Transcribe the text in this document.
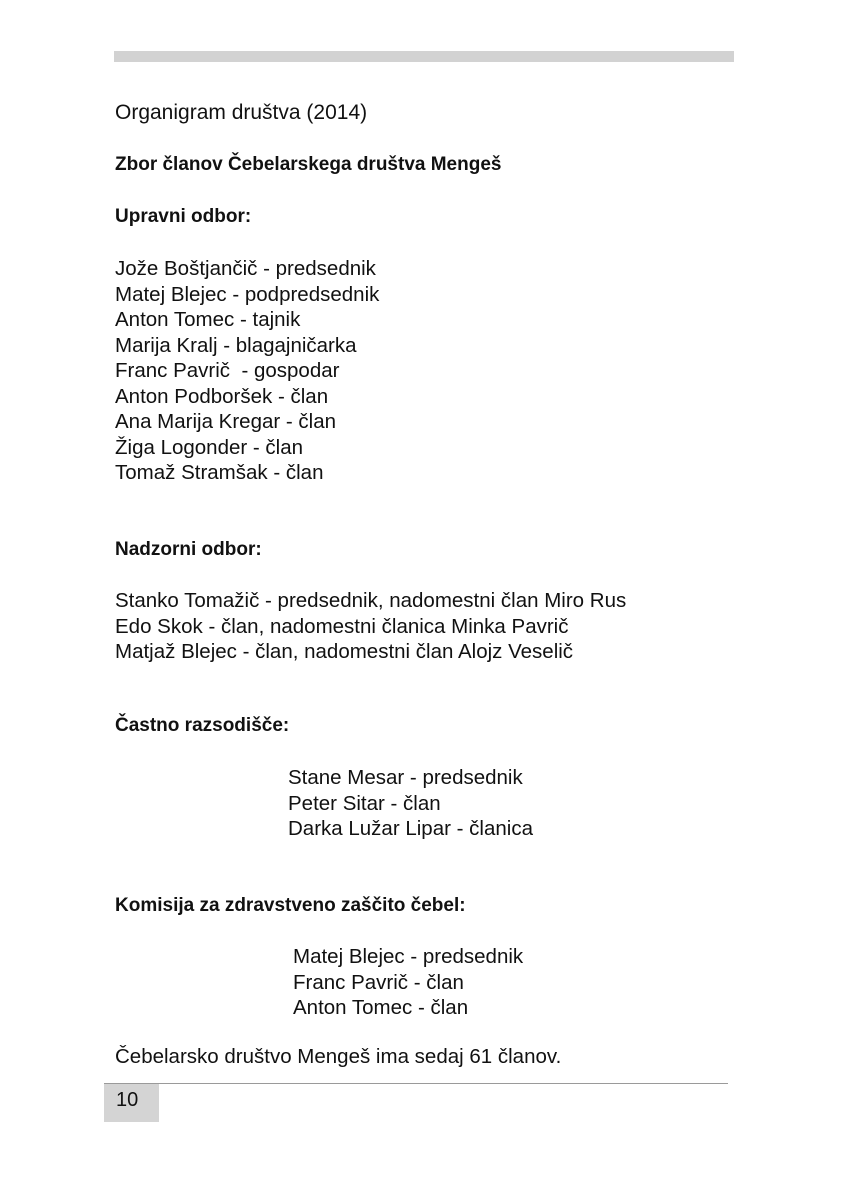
Organigram društva (2014)
Zbor članov Čebelarskega društva Mengeš
Upravni odbor:
Jože Boštjančič - predsednik
Matej Blejec - podpredsednik
Anton Tomec - tajnik
Marija Kralj - blagajničarka
Franc Pavrič  - gospodar
Anton Podboršek - član
Ana Marija Kregar - član
Žiga Logonder - član
Tomaž Stramšak - član
Nadzorni odbor:
Stanko Tomažič - predsednik, nadomestni član Miro Rus
Edo Skok - član, nadomestni članica Minka Pavrič
Matjaž Blejec - član, nadomestni član Alojz Veselič
Častno razsodišče:
Stane Mesar - predsednik
Peter Sitar - član
Darka Lužar Lipar - članica
Komisija za zdravstveno zaščito čebel:
Matej Blejec - predsednik
Franc Pavrič - član
Anton Tomec - član

Čebelarsko društvo Mengeš ima sedaj 61 članov.

10
